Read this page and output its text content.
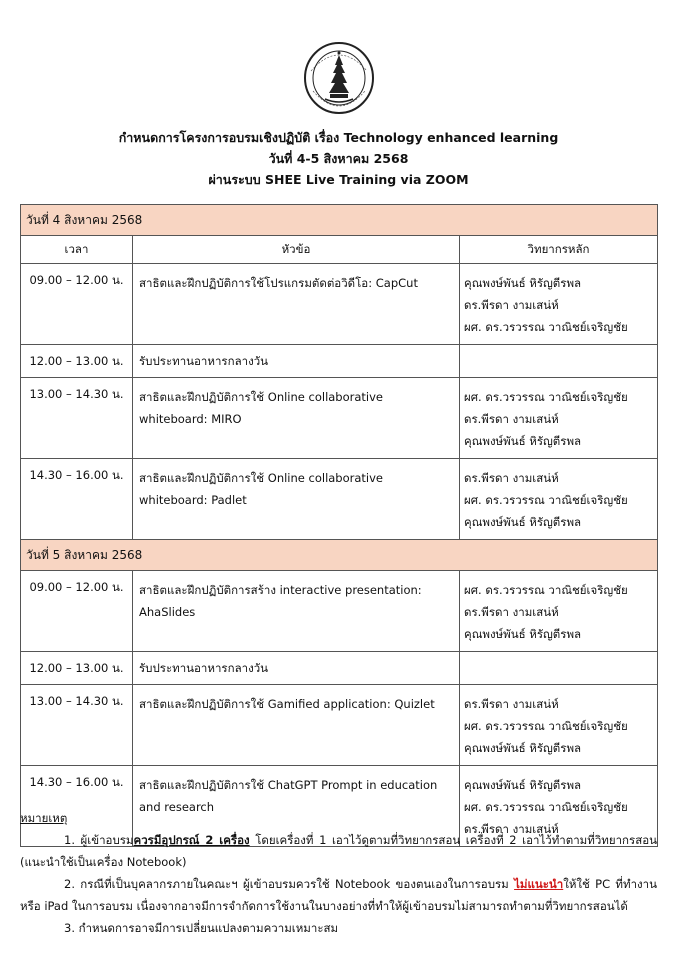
กำหนดการโครงการอบรมเชิงปฏิบัติ เรื่อง Technology enhanced learning
วันที่ 4-5 สิงหาคม 2568
ผ่านระบบ SHEE Live Training via ZOOM
วันที่ 4 สิงหาคม 2568		
เวลา	หัวข้อ	วิทยากรหลัก
09.00 – 12.00 น.	สาธิตและฝึกปฏิบัติการใช้โปรแกรมตัดต่อวิดีโอ: CapCut	คุณพงษ์พันธ์ หิรัญตีรพล
ดร.พีรดา งามเสน่ห์
ผศ. ดร.วรวรรณ วาณิชย์เจริญชัย

12.00 – 13.00 น.	รับประทานอาหารกลางวัน	
13.00 – 14.30 น.	สาธิตและฝึกปฏิบัติการใช้ Online collaborative whiteboard: MIRO	ผศ. ดร.วรวรรณ วาณิชย์เจริญชัย
ดร.พีรดา งามเสน่ห์
คุณพงษ์พันธ์ หิรัญตีรพล

14.30 – 16.00 น.	สาธิตและฝึกปฏิบัติการใช้ Online collaborative whiteboard: Padlet	ดร.พีรดา งามเสน่ห์
ผศ. ดร.วรวรรณ วาณิชย์เจริญชัย
คุณพงษ์พันธ์ หิรัญตีรพล

วันที่ 5 สิงหาคม 2568		
09.00 – 12.00 น.	สาธิตและฝึกปฏิบัติการสร้าง interactive presentation: AhaSlides	ผศ. ดร.วรวรรณ วาณิชย์เจริญชัย
ดร.พีรดา งามเสน่ห์
คุณพงษ์พันธ์ หิรัญตีรพล

12.00 – 13.00 น.	รับประทานอาหารกลางวัน	
13.00 – 14.30 น.	สาธิตและฝึกปฏิบัติการใช้ Gamified application: Quizlet	ดร.พีรดา งามเสน่ห์
ผศ. ดร.วรวรรณ วาณิชย์เจริญชัย
คุณพงษ์พันธ์ หิรัญตีรพล

14.30 – 16.00 น.	สาธิตและฝึกปฏิบัติการใช้ ChatGPT Prompt in education and research	คุณพงษ์พันธ์ หิรัญตีรพล
ผศ. ดร.วรวรรณ วาณิชย์เจริญชัย
ดร.พีรดา งามเสน่ห์

หมายเหตุ

1. ผู้เข้าอบรมควรมีอุปกรณ์ 2 เครื่อง โดยเครื่องที่ 1 เอาไว้ดูตามที่วิทยากรสอน เครื่องที่ 2 เอาไว้ทำตามที่วิทยากรสอน (แนะนำใช้เป็นเครื่อง Notebook)

2. กรณีที่เป็นบุคลากรภายในคณะฯ ผู้เข้าอบรมควรใช้ Notebook ของตนเองในการอบรม ไม่แนะนำให้ใช้ PC ที่ทำงาน หรือ iPad ในการอบรม เนื่องจากอาจมีการจำกัดการใช้งานในบางอย่างที่ทำให้ผู้เข้าอบรมไม่สามารถทำตามที่วิทยากรสอนได้

3. กำหนดการอาจมีการเปลี่ยนแปลงตามความเหมาะสม
